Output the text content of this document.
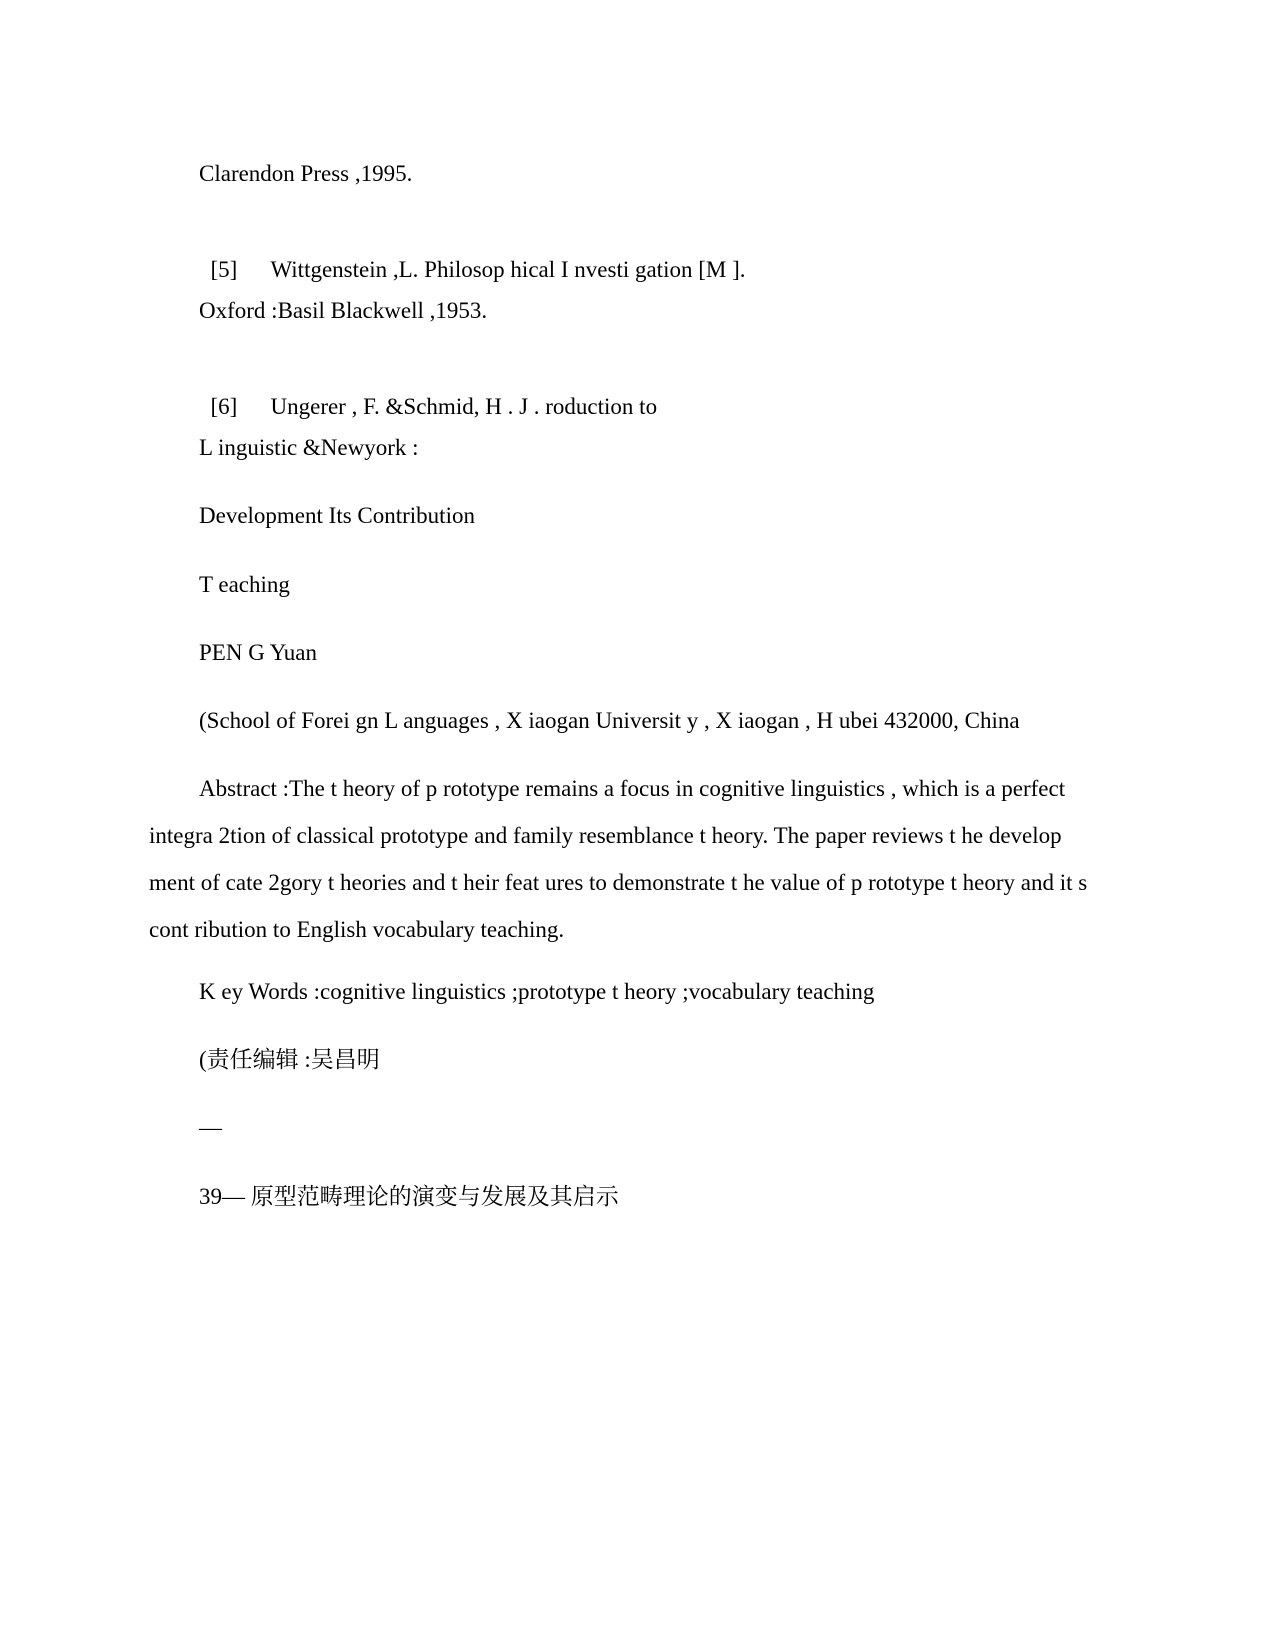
Clarendon Press ,1995.

[5] Wittgenstein ,L. Philosop hical I nvesti gation [M ].

Oxford :Basil Blackwell ,1953.

[6] Ungerer , F. &Schmid, H . J . roduction to

L inguistic &Newyork :
Development Its Contribution
T eaching
PEN G Yuan
(School of Forei gn L anguages , X iaogan Universit y , X iaogan , H ubei 432000, China
Abstract :The t heory of p rototype remains a focus in cognitive linguistics , which is a perfect integra 2tion of classical prototype and family resemblance t heory. The paper reviews t he develop ment of cate 2gory t heories and t heir feat ures to demonstrate t he value of p rototype t heory and it s cont ribution to English vocabulary teaching.
K ey Words :cognitive linguistics ;prototype t heory ;vocabulary teaching
(责任编辑 :吴昌明
—
39— 原型范畴理论的演变与发展及其启示
